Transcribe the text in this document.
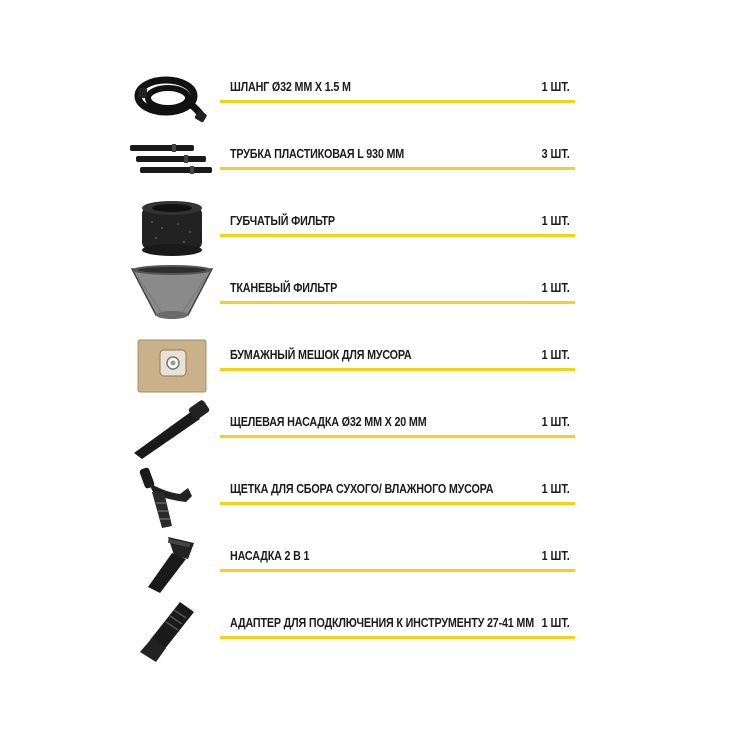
ШЛАНГ Ø32 ММ X 1.5 М	1 ШТ.
ТРУБКА ПЛАСТИКОВАЯ L 930 ММ	3 ШТ.
ГУБЧАТЫЙ ФИЛЬТР	1 ШТ.
ТКАНЕВЫЙ ФИЛЬТР	1 ШТ.
БУМАЖНЫЙ МЕШОК ДЛЯ МУСОРА	1 ШТ.
ЩЕЛЕВАЯ НАСАДКА Ø32 ММ X 20 ММ	1 ШТ.
ЩЕТКА ДЛЯ СБОРА СУХОГО/ ВЛАЖНОГО МУСОРА	1 ШТ.
НАСАДКА 2 В 1	1 ШТ.
АДАПТЕР ДЛЯ ПОДКЛЮЧЕНИЯ К ИНСТРУМЕНТУ 27-41 ММ 1 ШТ.
